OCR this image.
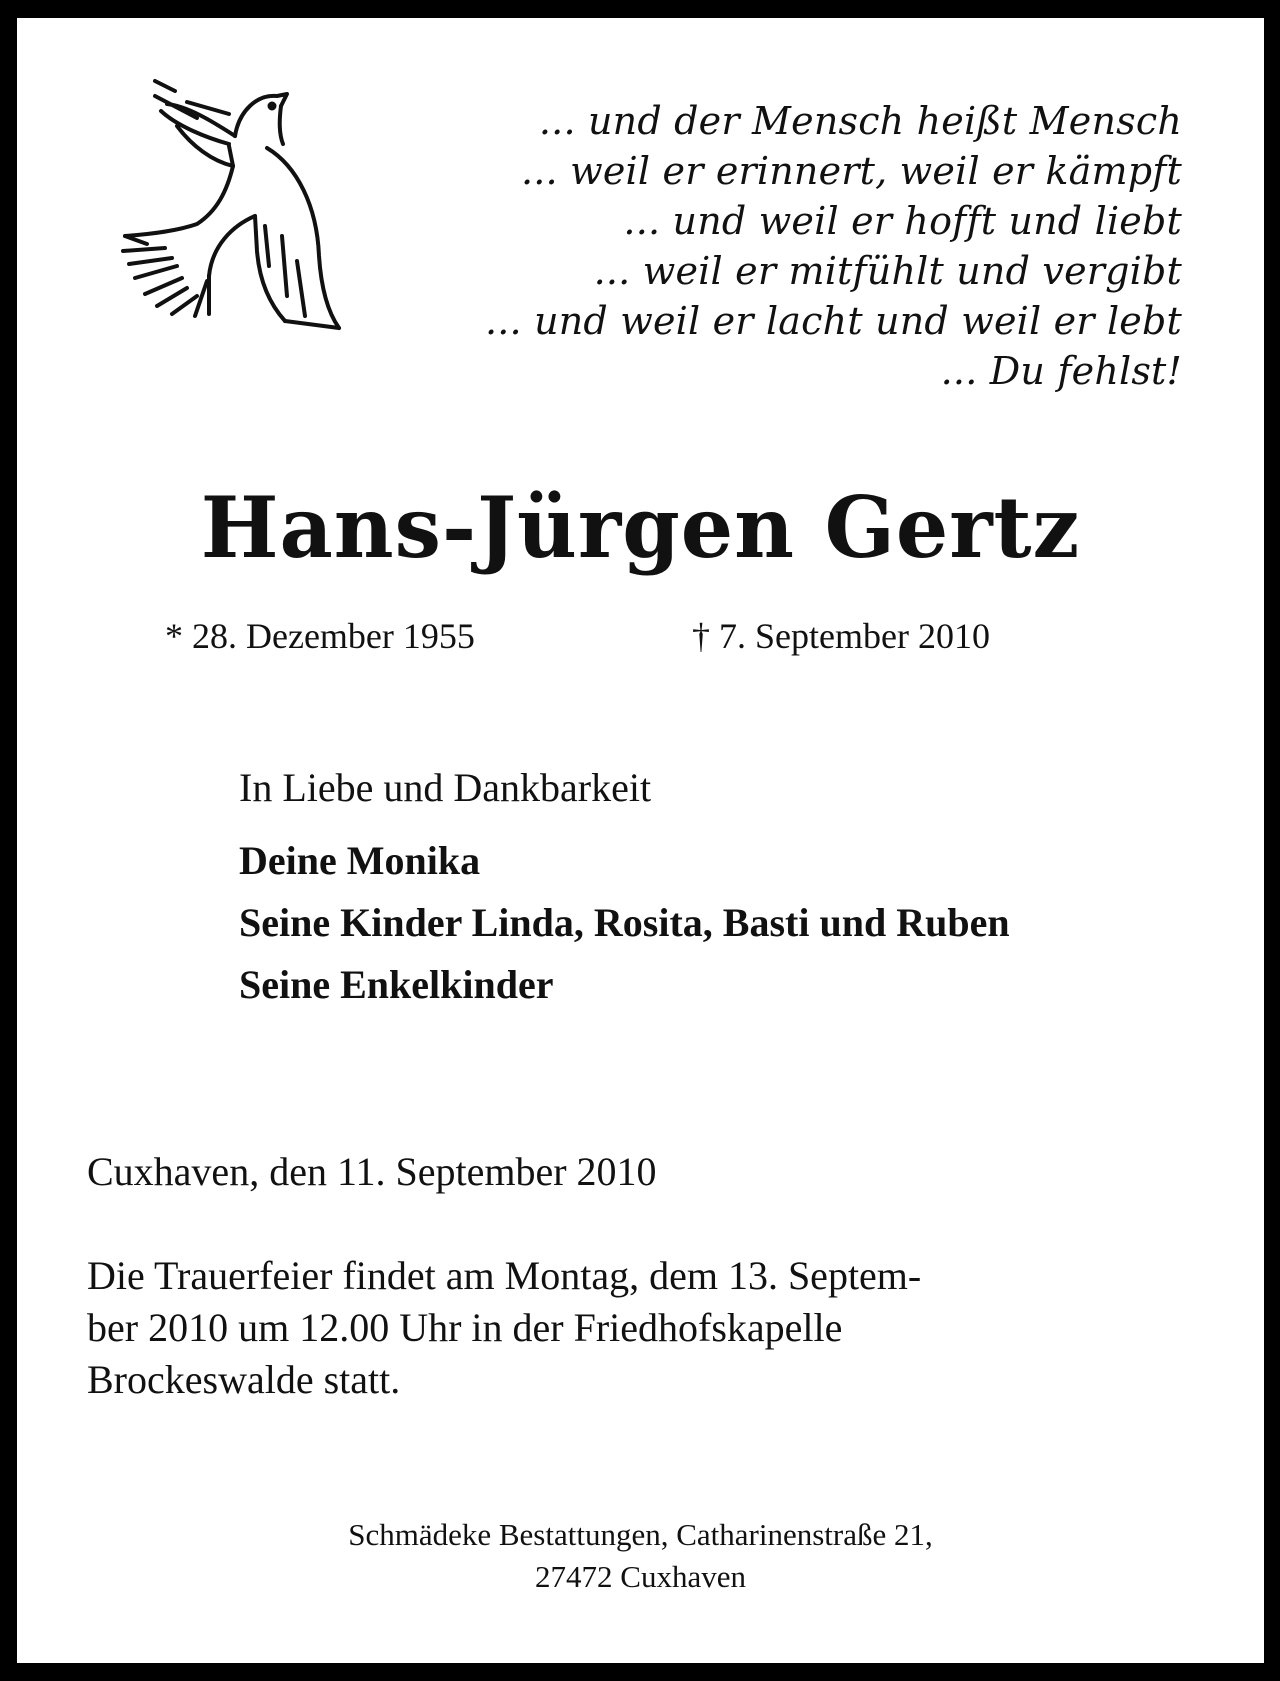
... und der Mensch heißt Mensch
... weil er erinnert, weil er kämpft
... und weil er hofft und liebt
... weil er mitfühlt und vergibt
... und weil er lacht und weil er lebt
... Du fehlst!
Hans-Jürgen Gertz
* 28. Dezember 1955	† 7. September 2010
In Liebe und Dankbarkeit
Deine Monika
Seine Kinder Linda, Rosita, Basti und Ruben
Seine Enkelkinder
Cuxhaven, den 11. September 2010
Die Trauerfeier findet am Montag, dem 13. Septem-
ber 2010 um 12.00 Uhr in der Friedhofskapelle
Brockeswalde statt.
Schmädeke Bestattungen, Catharinenstraße 21,
27472 Cuxhaven
